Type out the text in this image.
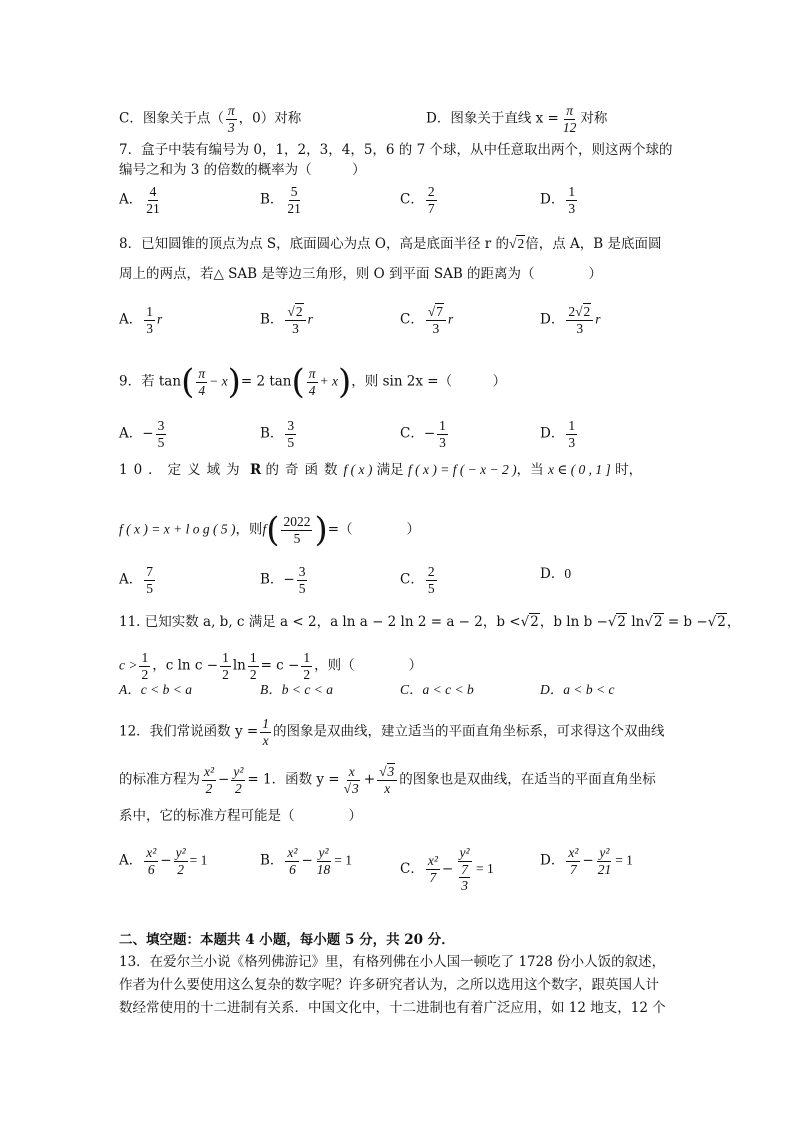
C．图象关于点（ $\frac{\pi}{3}$ ，0）对称	D．图象关于直线 $x = \frac{\pi}{12}$ 对称
7．盒子中装有编号为 0，1，2，3，4，5，6 的 7 个球，从中任意取出两个，则这两个球的
编号之和为 3 的倍数的概率为（　　　）
A． $\frac{4}{21}$	B． $\frac{5}{21}$	C． $\frac{2}{7}$	D． $\frac{1}{3}$
8．已知圆锥的顶点为点 S，底面圆心为点 O，高是底面半径 r 的√2倍，点 A，B 是底面圆
周上的两点，若△ SAB 是等边三角形，则 O 到平面 SAB 的距离为（　　　　）
A． $\frac{1}{3}$ r	B． $\frac{√2}{3}$ r	C． $\frac{√7}{3}$ r	D． $\frac{2√2}{3}$ r
9．若 $\tan( \frac{\pi}{4} - x)= 2$ $\tan( \frac{\pi}{4} + x)$，则 sin 2x =（　　　）
A．− $\frac{3}{5}$	B． $\frac{3}{5}$	C．− $\frac{1}{3}$	D． $\frac{1}{3}$
10．定义域为 R 的奇函数f ( x ) 满足 f ( x ) = f ( − x − 2 )，当 x ∈ ( 0 , 1 ] 时，
f ( x ) = x + l o g ( 5 )，则$f( \frac{2022}{5}$ )=（　　　　）
A． $\frac{7}{5}$	B．− $\frac{3}{5}$	C． $\frac{2}{5}$	D．0
11. 已知实数 a, b, c 满足 a < 2，a ln a − 2 ln 2 = a − 2，b <√2，b ln b −√2 ln√2 = b −√2，
$c > \frac{1}{2}$ ，c $\ln c - \frac{1}{2}$ $\ln \frac{1}{2} = c - \frac{1}{2}$ ，则（　　　　）
A．c < b < a	B．b < c < a	C．a < c < b	D．a < b < c
12．我们常说函数 $y = \frac{1}{x}$ 的图象是双曲线，建立适当的平面直角坐标系，可求得这个双曲线
的标准方程为 $\frac{\text{x²}}{2} - \frac{\text{y²}}{2} = 1$．函数 $y = \frac{x}{√3} + \frac{√3}{x}$ 的图象也是双曲线，在适当的平面直角坐标
系中，它的标准方程可能是（　　　　）
A． $\frac{\text{x²}}{6} - \frac{\text{y²}}{2} = 1$	B． $\frac{\text{x²}}{6} - \frac{\text{y²}}{18} = 1$
C． $\frac{\text{x²}}{7} - \frac{\text{y²}}{\frac{7}{3}} = 1$	D． $\frac{\text{x²}}{7} - \frac{\text{y²}}{21} = 1$
二、填空题：本题共 4 小题，每小题 5 分，共 20 分．
13．在爱尔兰小说《格列佛游记》里，有格列佛在小人国一顿吃了 1728 份小人饭的叙述，
作者为什么要使用这么复杂的数字呢？许多研究者认为，之所以选用这个数字，跟英国人计
数经常使用的十二进制有关系．中国文化中，十二进制也有着广泛应用，如 12 地支，12 个
